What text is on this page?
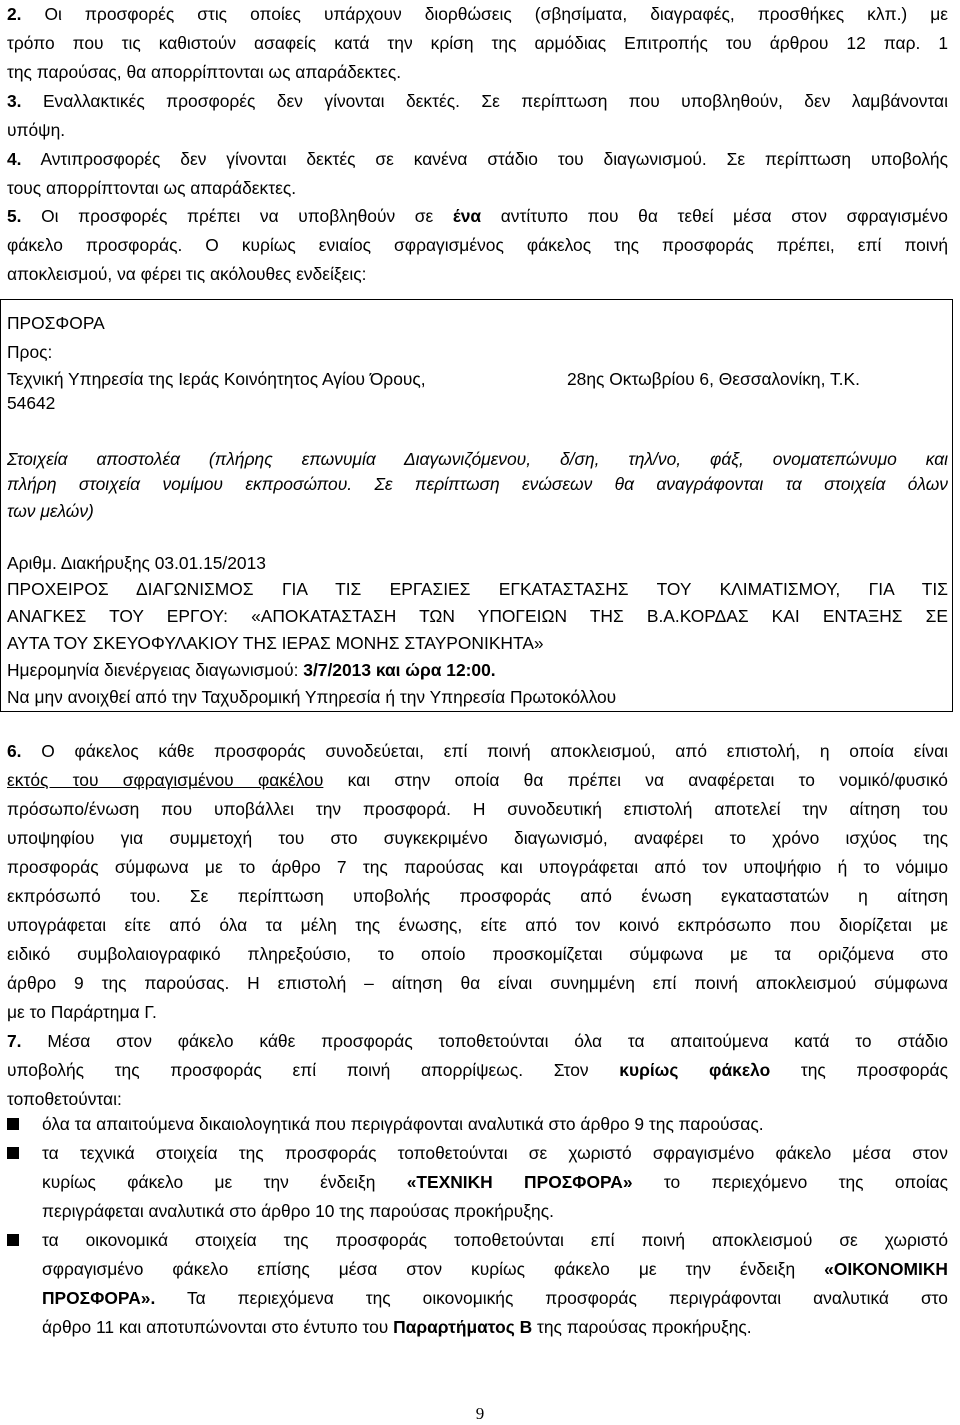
2. Οι προσφορές στις οποίες υπάρχουν διορθώσεις (σβησίματα, διαγραφές, προσθήκες κλπ.) με
τρόπο που τις καθιστούν ασαφείς κατά την κρίση της αρμόδιας Επιτροπής του άρθρου 12 παρ. 1
της παρούσας, θα απορρίπτονται ως απαράδεκτες.
3. Εναλλακτικές προσφορές δεν γίνονται δεκτές. Σε περίπτωση που υποβληθούν, δεν λαμβάνονται
υπόψη.
4. Αντιπροσφορές δεν γίνονται δεκτές σε κανένα στάδιο του διαγωνισμού. Σε περίπτωση υποβολής
τους απορρίπτονται ως απαράδεκτες.
5. Οι προσφορές πρέπει να υποβληθούν σε ένα αντίτυπο που θα τεθεί μέσα στον σφραγισμένο
φάκελο προσφοράς. Ο κυρίως ενιαίος σφραγισμένος φάκελος της προσφοράς πρέπει, επί ποινή
αποκλεισμού, να φέρει τις ακόλουθες ενδείξεις:
ΠΡΟΣΦΟΡΑ
Προς:
Τεχνική Υπηρεσία της Ιεράς Κοινόητητος Αγίου Όρους,	28ης Οκτωβρίου 6, Θεσσαλονίκη, Τ.Κ.
54642
Στοιχεία αποστολέα (πλήρης επωνυμία Διαγωνιζόμενου, δ/ση, τηλ/νο, φάξ, ονοματεπώνυμο και
πλήρη στοιχεία νομίμου εκπροσώπου. Σε περίπτωση ενώσεων θα αναγράφονται τα στοιχεία όλων
των μελών)
Αριθμ. Διακήρυξης 03.01.15/2013
ΠΡΟΧΕΙΡΟΣ ΔΙΑΓΩΝΙΣΜΟΣ ΓΙΑ ΤΙΣ ΕΡΓΑΣΙΕΣ ΕΓΚΑΤΑΣΤΑΣΗΣ ΤΟΥ ΚΛΙΜΑΤΙΣΜΟΥ, ΓΙΑ ΤΙΣ
ΑΝΑΓΚΕΣ ΤΟΥ ΕΡΓΟΥ: «ΑΠΟΚΑΤΑΣΤΑΣΗ ΤΩΝ ΥΠΟΓΕΙΩΝ ΤΗΣ Β.Α.ΚΟΡΔΑΣ ΚΑΙ ΕΝΤΑΞΗΣ ΣΕ
ΑΥΤΑ ΤΟΥ ΣΚΕΥΟΦΥΛΑΚΙΟΥ ΤΗΣ ΙΕΡΑΣ ΜΟΝΗΣ ΣΤΑΥΡΟΝΙΚΗΤΑ»
Ημερομηνία διενέργειας διαγωνισμού: 3/7/2013 και ώρα 12:00.
Να μην ανοιχθεί από την Ταχυδρομική Υπηρεσία ή την Υπηρεσία Πρωτοκόλλου
6. Ο φάκελος κάθε προσφοράς συνοδεύεται, επί ποινή αποκλεισμού, από επιστολή, η οποία είναι
εκτός του σφραγισμένου φακέλου και στην οποία θα πρέπει να αναφέρεται το νομικό/φυσικό
πρόσωπο/ένωση που υποβάλλει την προσφορά. Η συνοδευτική επιστολή αποτελεί την αίτηση του
υποψηφίου για συμμετοχή του στο συγκεκριμένο διαγωνισμό, αναφέρει το χρόνο ισχύος της
προσφοράς σύμφωνα με το άρθρο 7 της παρούσας και υπογράφεται από τον υποψήφιο ή το νόμιμο
εκπρόσωπό του. Σε περίπτωση υποβολής προσφοράς από ένωση εγκαταστατών η αίτηση
υπογράφεται είτε από όλα τα μέλη της ένωσης, είτε από τον κοινό εκπρόσωπο που διορίζεται με
ειδικό συμβολαιογραφικό πληρεξούσιο, το οποίο προσκομίζεται σύμφωνα με τα οριζόμενα στο
άρθρο 9 της παρούσας. Η επιστολή – αίτηση θα είναι συνημμένη επί ποινή αποκλεισμού σύμφωνα
με το Παράρτημα Γ.
7. Μέσα στον φάκελο κάθε προσφοράς τοποθετούνται όλα τα απαιτούμενα κατά το στάδιο
υποβολής της προσφοράς επί ποινή απορρίψεως. Στον κυρίως φάκελο της προσφοράς
τοποθετούνται:
όλα τα απαιτούμενα δικαιολογητικά που περιγράφονται αναλυτικά στο άρθρο 9 της παρούσας.
τα τεχνικά στοιχεία της προσφοράς τοποθετούνται σε χωριστό σφραγισμένο φάκελο μέσα στον
κυρίως φάκελο με την ένδειξη «ΤΕΧΝΙΚΗ ΠΡΟΣΦΟΡΑ» το περιεχόμενο της οποίας
περιγράφεται αναλυτικά στο άρθρο 10 της παρούσας προκήρυξης.
τα οικονομικά στοιχεία της προσφοράς τοποθετούνται επί ποινή αποκλεισμού σε χωριστό
σφραγισμένο φάκελο επίσης μέσα στον κυρίως φάκελο με την ένδειξη «ΟΙΚΟΝΟΜΙΚΗ
ΠΡΟΣΦΟΡΑ». Τα περιεχόμενα της οικονομικής προσφοράς περιγράφονται αναλυτικά στο
άρθρο 11 και αποτυπώνονται στο έντυπο του Παραρτήματος Β της παρούσας προκήρυξης.
9
